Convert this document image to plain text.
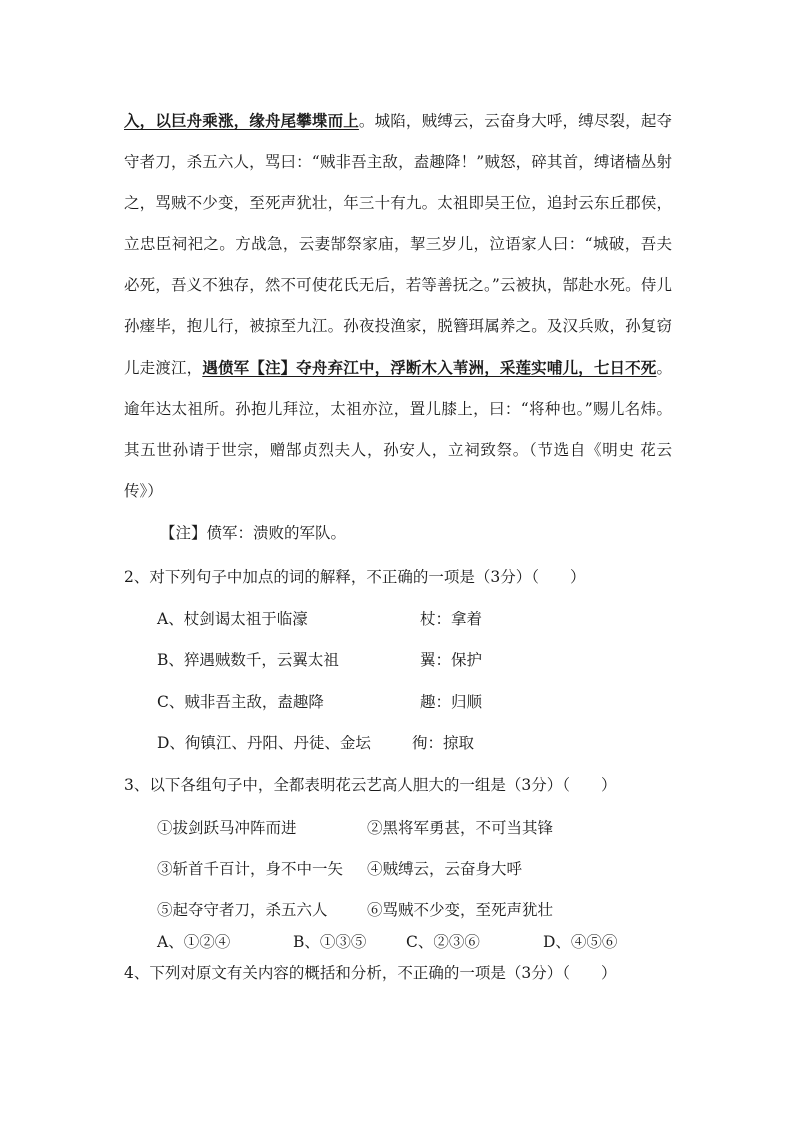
入，以巨舟乘涨，缘舟尾攀堞而上。城陷，贼缚云，云奋身大呼，缚尽裂，起夺守者刀，杀五六人，骂曰：“贼非吾主敌，盍趣降！”贼怒，碎其首，缚诸樯丛射之，骂贼不少变，至死声犹壮，年三十有九。太祖即吴王位，追封云东丘郡侯，立忠臣祠祀之。方战急，云妻郜祭家庙，挈三岁儿，泣语家人曰：“城破，吾夫必死，吾义不独存，然不可使花氏无后，若等善抚之。”云被执，郜赴水死。侍儿孙瘗毕，抱儿行，被掠至九江。孙夜投渔家，脱簪珥属养之。及汉兵败，孙复窃儿走渡江，遇偾军【注】夺舟弃江中，浮断木入苇洲，采莲实哺儿，七日不死。逾年达太祖所。孙抱儿拜泣，太祖亦泣，置儿膝上，曰：“将种也。”赐儿名炜。其五世孙请于世宗，赠郜贞烈夫人，孙安人，立祠致祭。（节选自《明史 花云传》）
【注】偾军：溃败的军队。
2、对下列句子中加点的词的解释，不正确的一项是（3分）（　　）
A、杖剑谒太祖于临濠	杖：拿着
B、猝遇贼数千，云翼太祖	翼：保护
C、贼非吾主敌，盍趣降	趣：归顺
D、徇镇江、丹阳、丹徒、金坛	徇：掠取
3、以下各组句子中，全都表明花云艺高人胆大的一组是（3分）（　　）
①拔剑跃马冲阵而进	②黑将军勇甚，不可当其锋
③斩首千百计，身不中一矢 ④贼缚云，云奋身大呼
⑤起夺守者刀，杀五六人	⑥骂贼不少变，至死声犹壮
A、①②④	B、①③⑤	C、②③⑥	D、④⑤⑥
4、下列对原文有关内容的概括和分析，不正确的一项是（3分）（　　）
